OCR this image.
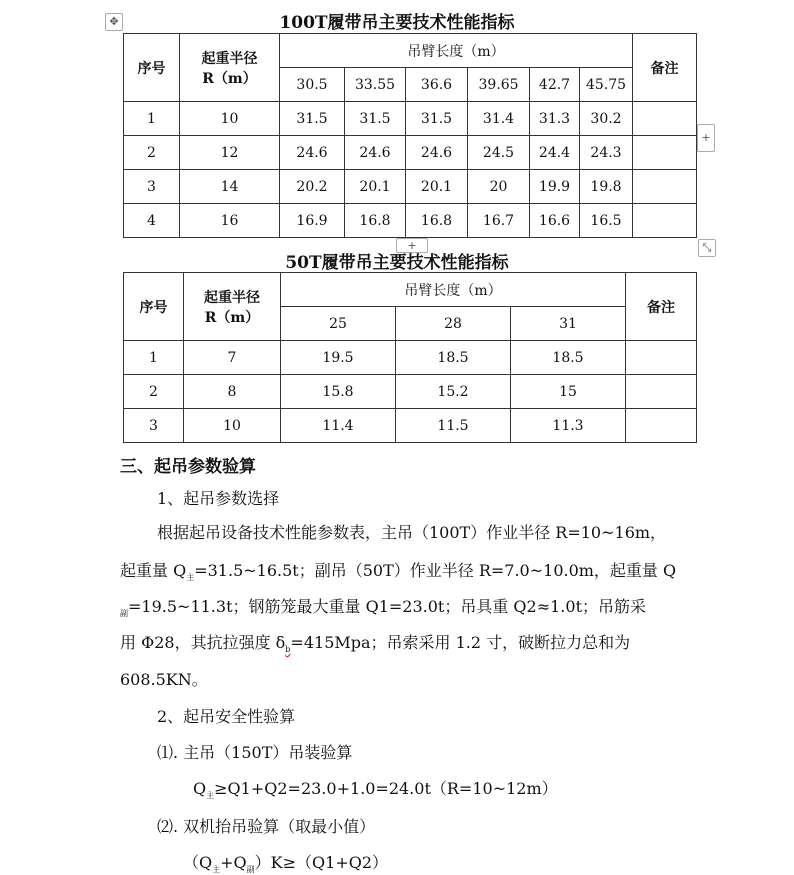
✥	100T履带吊主要技术性能指标
序号	起重半径
R（m）	吊臂长度（m）						备注
		30.5	33.55	36.6	39.65	42.7	45.75	
1	10	31.5	31.5	31.5	31.4	31.3	30.2	
2	12	24.6	24.6	24.6	24.5	24.4	24.3	
3	14	20.2	20.1	20.1	20	19.9	19.8	
4	16	16.9	16.8	16.8	16.7	16.6	16.5	
+
⤡
50T履带吊主要技术性能指标
+
序号	起重半径
R（m）	吊臂长度（m）			备注
		25	28	31	
1	7	19.5	18.5	18.5	
2	8	15.8	15.2	15	
3	10	11.4	11.5	11.3	
三、起吊参数验算
1、起吊参数选择
根据起吊设备技术性能参数表，主吊（100T）作业半径 R=10~16m，
起重量 $Q_主=31.5\sim 16.5t$；副吊（50T）作业半径 R=7.0~10.0m，起重量 Q
$_副$=19.5~11.3t；钢筋笼最大重量 Q1=23.0t；吊具重 Q2≈1.0t；吊筋采
用 Φ28，其抗拉强度 $\delta_b=415Mpa$；吊索采用 1.2 寸，破断拉力总和为
608.5KN。
2、起吊安全性验算
⑴. 主吊（150T）吊装验算
$Q_主\ge Q1+Q2=23.0+1.0=24.0t(R=10\sim 12m)$
⑵. 双机抬吊验算（取最小值）
$(Q_主+Q_副)K\ge(Q1+Q2)$
